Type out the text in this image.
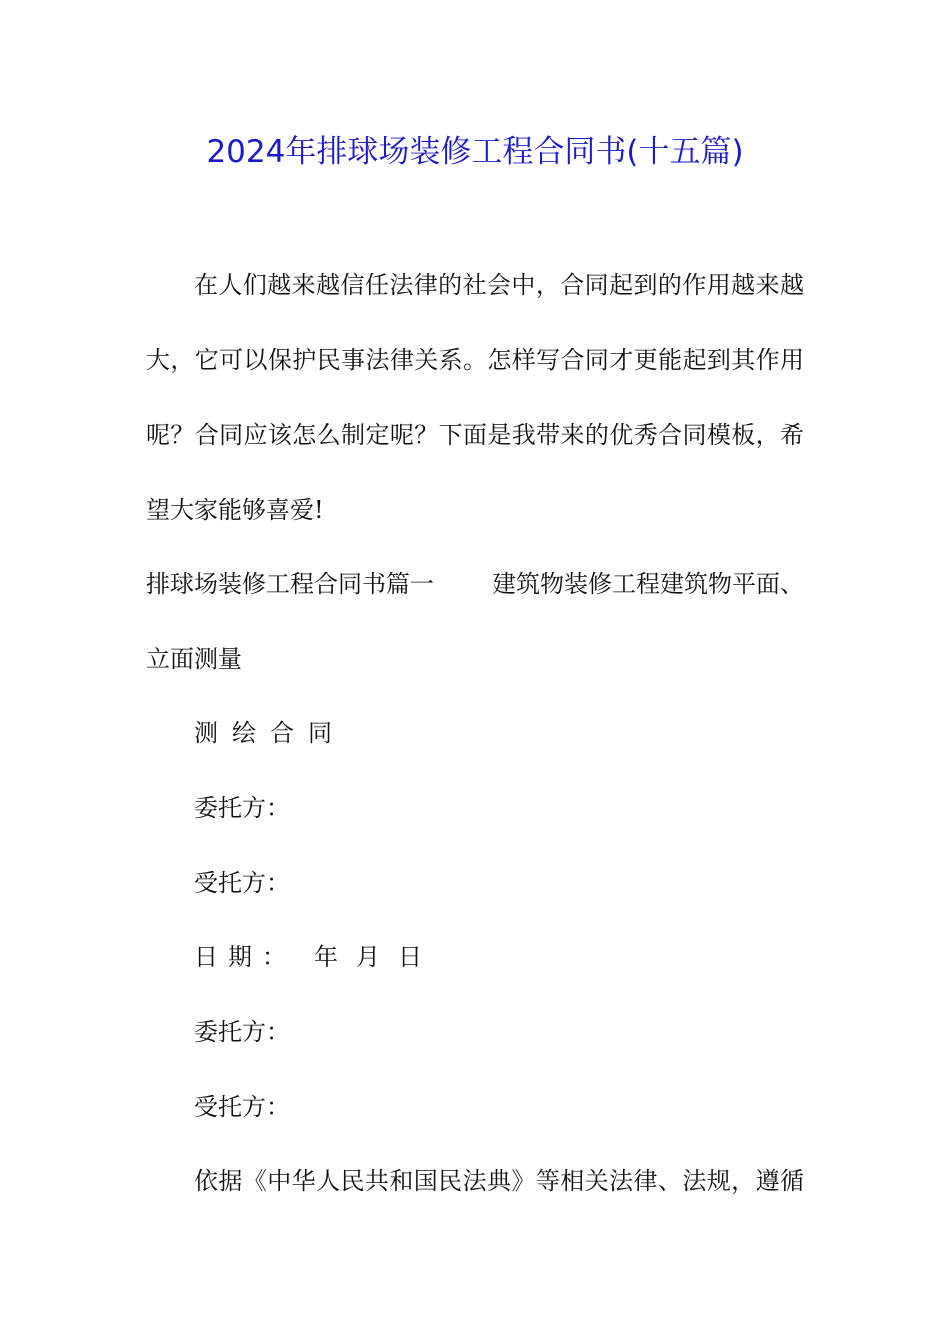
2024年排球场装修工程合同书(十五篇)
在人们越来越信任法律的社会中，合同起到的作用越来越
大，它可以保护民事法律关系。怎样写合同才更能起到其作用
呢？合同应该怎么制定呢？下面是我带来的优秀合同模板，希
望大家能够喜爱!
排球场装修工程合同书篇一 建筑物装修工程建筑物平面、
立面测量
测绘合同
委托方：
受托方：
日期： 年 月 日
委托方：
受托方：
依据《中华人民共和国民法典》等相关法律、法规，遵循
